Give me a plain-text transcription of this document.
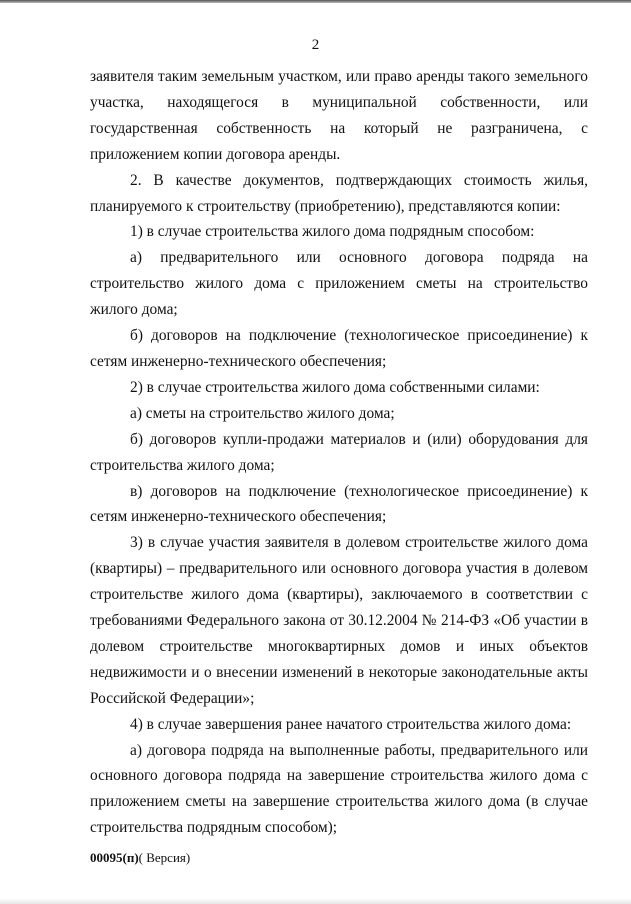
2

заявителя таким земельным участком, или право аренды такого земельного участка, находящегося в муниципальной собственности, или государственная собственность на который не разграничена, с приложением копии договора аренды.

2. В качестве документов, подтверждающих стоимость жилья, планируемого к строительству (приобретению), представляются копии:

1) в случае строительства жилого дома подрядным способом:

а) предварительного или основного договора подряда на строительство жилого дома с приложением сметы на строительство жилого дома;

б) договоров на подключение (технологическое присоединение) к сетям инженерно-технического обеспечения;

2) в случае строительства жилого дома собственными силами:

а) сметы на строительство жилого дома;

б) договоров купли-продажи материалов и (или) оборудования для строительства жилого дома;

в) договоров на подключение (технологическое присоединение) к сетям инженерно-технического обеспечения;

3) в случае участия заявителя в долевом строительстве жилого дома (квартиры) – предварительного или основного договора участия в долевом строительстве жилого дома (квартиры), заключаемого в соответствии с требованиями Федерального закона от 30.12.2004 № 214-ФЗ «Об участии в долевом строительстве многоквартирных домов и иных объектов недвижимости и о внесении изменений в некоторые законодательные акты Российской Федерации»;

4) в случае завершения ранее начатого строительства жилого дома:

а) договора подряда на выполненные работы, предварительного или основного договора подряда на завершение строительства жилого дома с приложением сметы на завершение строительства жилого дома (в случае строительства подрядным способом);

00095(п)( Версия)
